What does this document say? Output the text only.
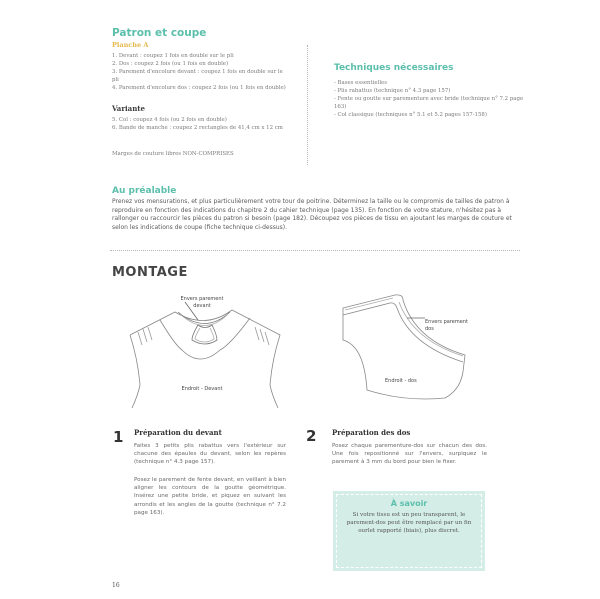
Patron et coupe
Planche A
1. Devant : coupez 1 fois en double sur le pli
2. Dos : coupez 2 fois (ou 1 fois en double)
3. Parement d'encolure devant : coupez 1 fois en double sur le pli
4. Parement d'encolure dos : coupez 2 fois (ou 1 fois en double)
Variante
5. Col : coupez 4 fois (ou 2 fois en double)
6. Bande de manche : coupez 2 rectangles de 41,4 cm x 12 cm
Marges de couture libres NON-COMPRISES
Techniques nécessaires
- Bases essentielles
- Plis rabattus (technique n° 4.3 page 157)
- Fente ou goutte sur parementure avec bride (technique n° 7.2 page 163)
- Col classique (techniques n° 5.1 et 5.2 pages 157-158)
Au préalable
Prenez vos mensurations, et plus particulièrement votre tour de poitrine. Déterminez la taille ou le compromis de tailles de patron à reproduire en fonction des indications du chapitre 2 du cahier technique (page 135). En fonction de votre stature, n'hésitez pas à rallonger ou raccourcir les pièces du patron si besoin (page 182). Découpez vos pièces de tissu en ajoutant les marges de couture et selon les indications de coupe (fiche technique ci-dessus).
MONTAGE
Envers parement
devant
Endroit - Devant
Envers parement
dos
Endroit - dos
1 Préparation du devant
Faites 3 petits plis rabattus vers l'extérieur sur chacune des épaules du devant, selon les repères (technique n° 4.3 page 157).
Posez le parement de fente devant, en veillant à bien aligner les contours de la goutte géométrique. Insérez une petite bride, et piquez en suivant les arrondis et les angles de la goutte (technique n° 7.2 page 163).
2 Préparation des dos
Posez chaque parementure-dos sur chacun des dos. Une fois repositionné sur l'envers, surpiquez le parement à 3 mm du bord pour bien le fixer.
À savoir
Si votre tissu est un peu transparent, le parement-dos peut être remplacé par un fin ourlet rapporté (biais), plus discret.
16
